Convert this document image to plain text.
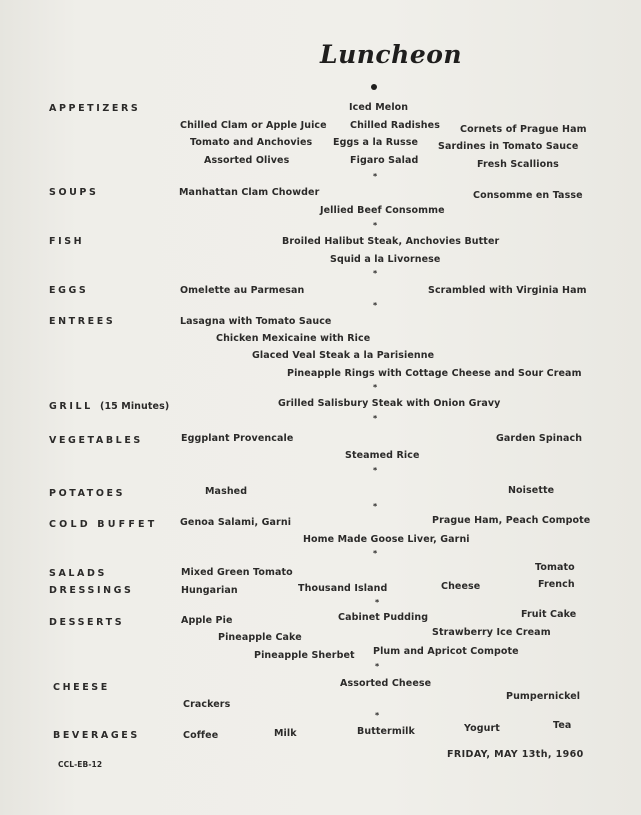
Luncheon
APPETIZERS	Iced Melon
Chilled Clam or Apple Juice Chilled Radishes Cornets of Prague Ham
Tomato and Anchovies Eggs a la Russe Sardines in Tomato Sauce
Assorted Olives	Figaro Salad	Fresh Scallions
*
SOUPS	Manhattan Clam Chowder	Consomme en Tasse
Jellied Beef Consomme
*
FISH	Broiled Halibut Steak, Anchovies Butter
Squid a la Livornese
*
EGGS	Omelette au Parmesan	Scrambled with Virginia Ham
*
ENTREES	Lasagna with Tomato Sauce
Chicken Mexicaine with Rice
Glaced Veal Steak a la Parisienne
Pineapple Rings with Cottage Cheese and Sour Cream
*
GRILL (15 Minutes)	Grilled Salisbury Steak with Onion Gravy
*
VEGETABLES	Eggplant Provencale	Garden Spinach
Steamed Rice
*
POTATOES	Mashed	Noisette
*
COLD BUFFET Genoa Salami, Garni	Prague Ham, Peach Compote
Home Made Goose Liver, Garni
*
SALADS	Mixed Green Tomato	Tomato
DRESSINGS	Hungarian	Thousand Island	Cheese	French
*
DESSERTS	Apple Pie	Cabinet Pudding	Fruit Cake
Pineapple Cake	Strawberry Ice Cream
Pineapple Sherbet Plum and Apricot Compote
*
CHEESE	Assorted Cheese
Pumpernickel
Crackers
*
BEVERAGES	Coffee	Milk	Buttermilk	Yogurt	Tea
CCL-EB-12
FRIDAY, MAY 13th, 1960
